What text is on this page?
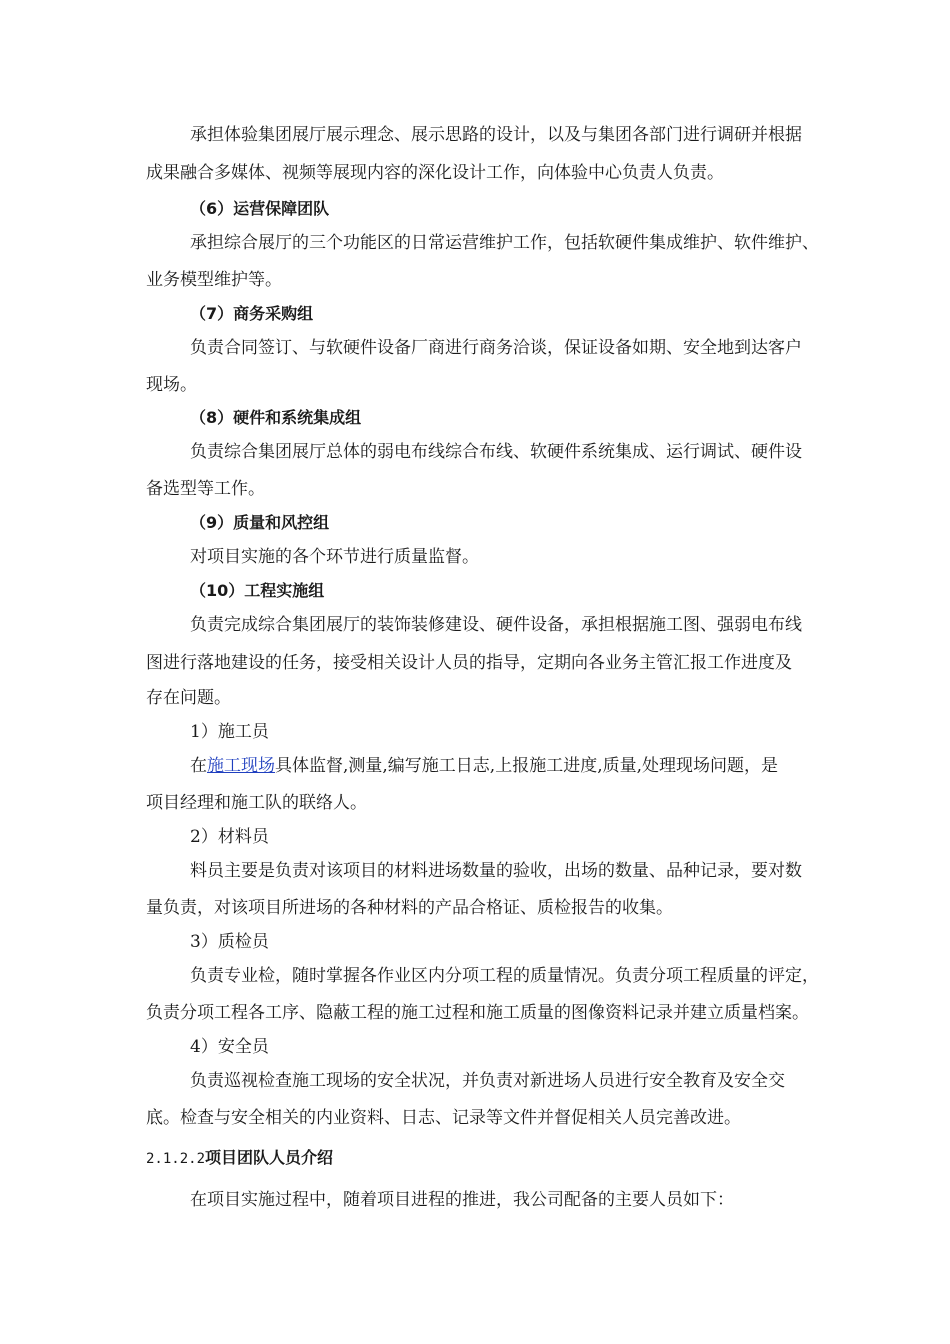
承担体验集团展厅展示理念、展示思路的设计，以及与集团各部门进行调研并根据
成果融合多媒体、视频等展现内容的深化设计工作，向体验中心负责人负责。
（6）运营保障团队
承担综合展厅的三个功能区的日常运营维护工作，包括软硬件集成维护、软件维护、
业务模型维护等。
（7）商务采购组
负责合同签订、与软硬件设备厂商进行商务洽谈，保证设备如期、安全地到达客户
现场。
（8）硬件和系统集成组
负责综合集团展厅总体的弱电布线综合布线、软硬件系统集成、运行调试、硬件设
备选型等工作。
（9）质量和风控组
对项目实施的各个环节进行质量监督。
（10）工程实施组
负责完成综合集团展厅的装饰装修建设、硬件设备，承担根据施工图、强弱电布线
图进行落地建设的任务，接受相关设计人员的指导，定期向各业务主管汇报工作进度及
存在问题。
1）施工员
在施工现场具体监督,测量,编写施工日志,上报施工进度,质量,处理现场问题，是
项目经理和施工队的联络人。
2）材料员
料员主要是负责对该项目的材料进场数量的验收，出场的数量、品种记录，要对数
量负责，对该项目所进场的各种材料的产品合格证、质检报告的收集。
3）质检员
负责专业检，随时掌握各作业区内分项工程的质量情况。负责分项工程质量的评定，
负责分项工程各工序、隐蔽工程的施工过程和施工质量的图像资料记录并建立质量档案。
4）安全员
负责巡视检查施工现场的安全状况，并负责对新进场人员进行安全教育及安全交
底。检查与安全相关的内业资料、日志、记录等文件并督促相关人员完善改进。
2.1.2.2项目团队人员介绍
在项目实施过程中，随着项目进程的推进，我公司配备的主要人员如下：
